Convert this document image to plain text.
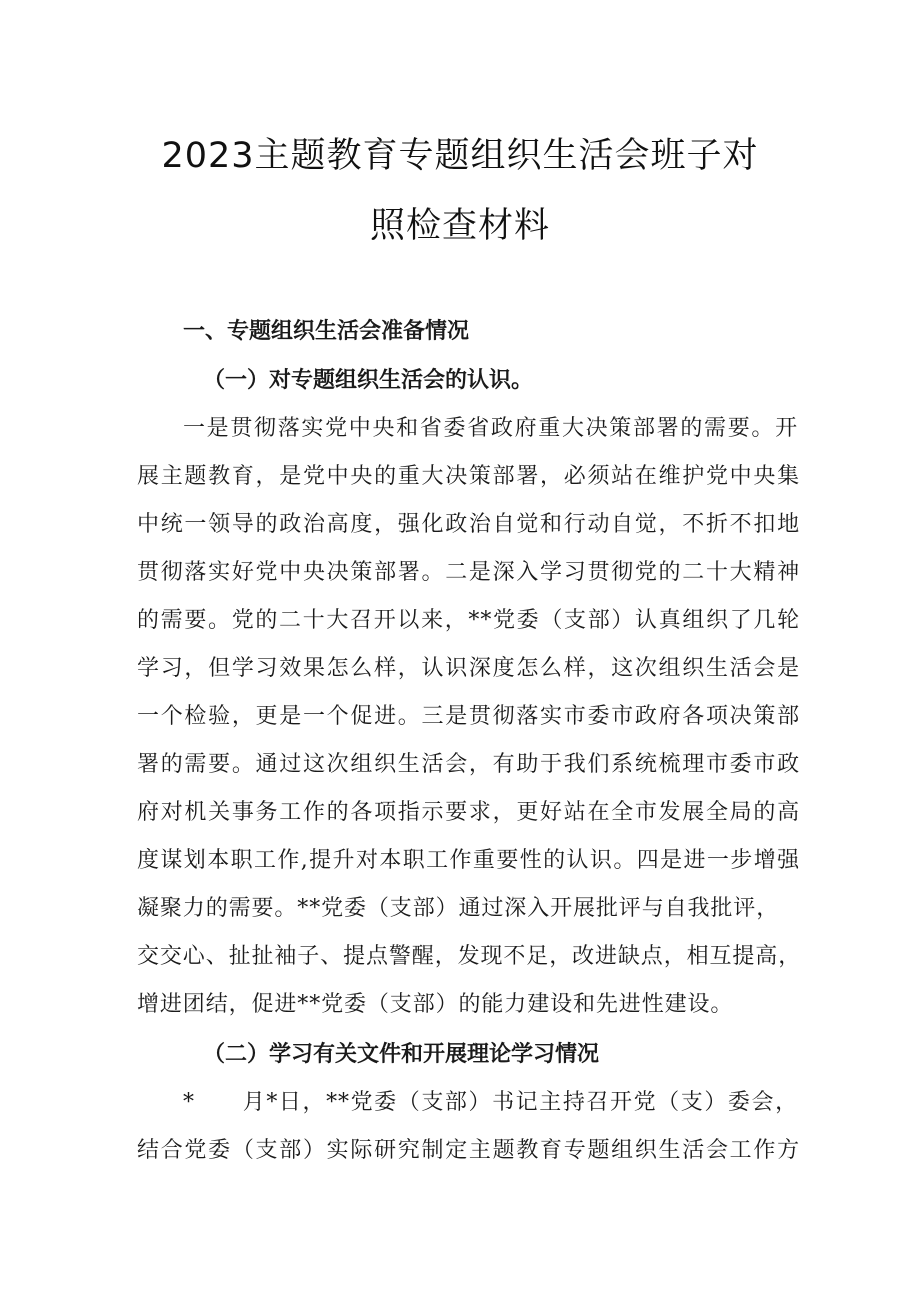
2023主题教育专题组织生活会班子对
照检查材料
一、专题组织生活会准备情况
（一）对专题组织生活会的认识。
一是贯彻落实党中央和省委省政府重大决策部署的需要。开
展主题教育，是党中央的重大决策部署，必须站在维护党中央集
中统一领导的政治高度，强化政治自觉和行动自觉，不折不扣地
贯彻落实好党中央决策部署。二是深入学习贯彻党的二十大精神
的需要。党的二十大召开以来，**党委（支部）认真组织了几轮
学习，但学习效果怎么样，认识深度怎么样，这次组织生活会是
一个检验，更是一个促进。三是贯彻落实市委市政府各项决策部
署的需要。通过这次组织生活会，有助于我们系统梳理市委市政
府对机关事务工作的各项指示要求，更好站在全市发展全局的高
度谋划本职工作,提升对本职工作重要性的认识。四是进一步增强
凝聚力的需要。**党委（支部）通过深入开展批评与自我批评，
交交心、扯扯袖子、提点警醒，发现不足，改进缺点，相互提高，
增进团结，促进**党委（支部）的能力建设和先进性建设。
（二）学习有关文件和开展理论学习情况
*　　月*日，**党委（支部）书记主持召开党（支）委会，
结合党委（支部）实际研究制定主题教育专题组织生活会工作方
